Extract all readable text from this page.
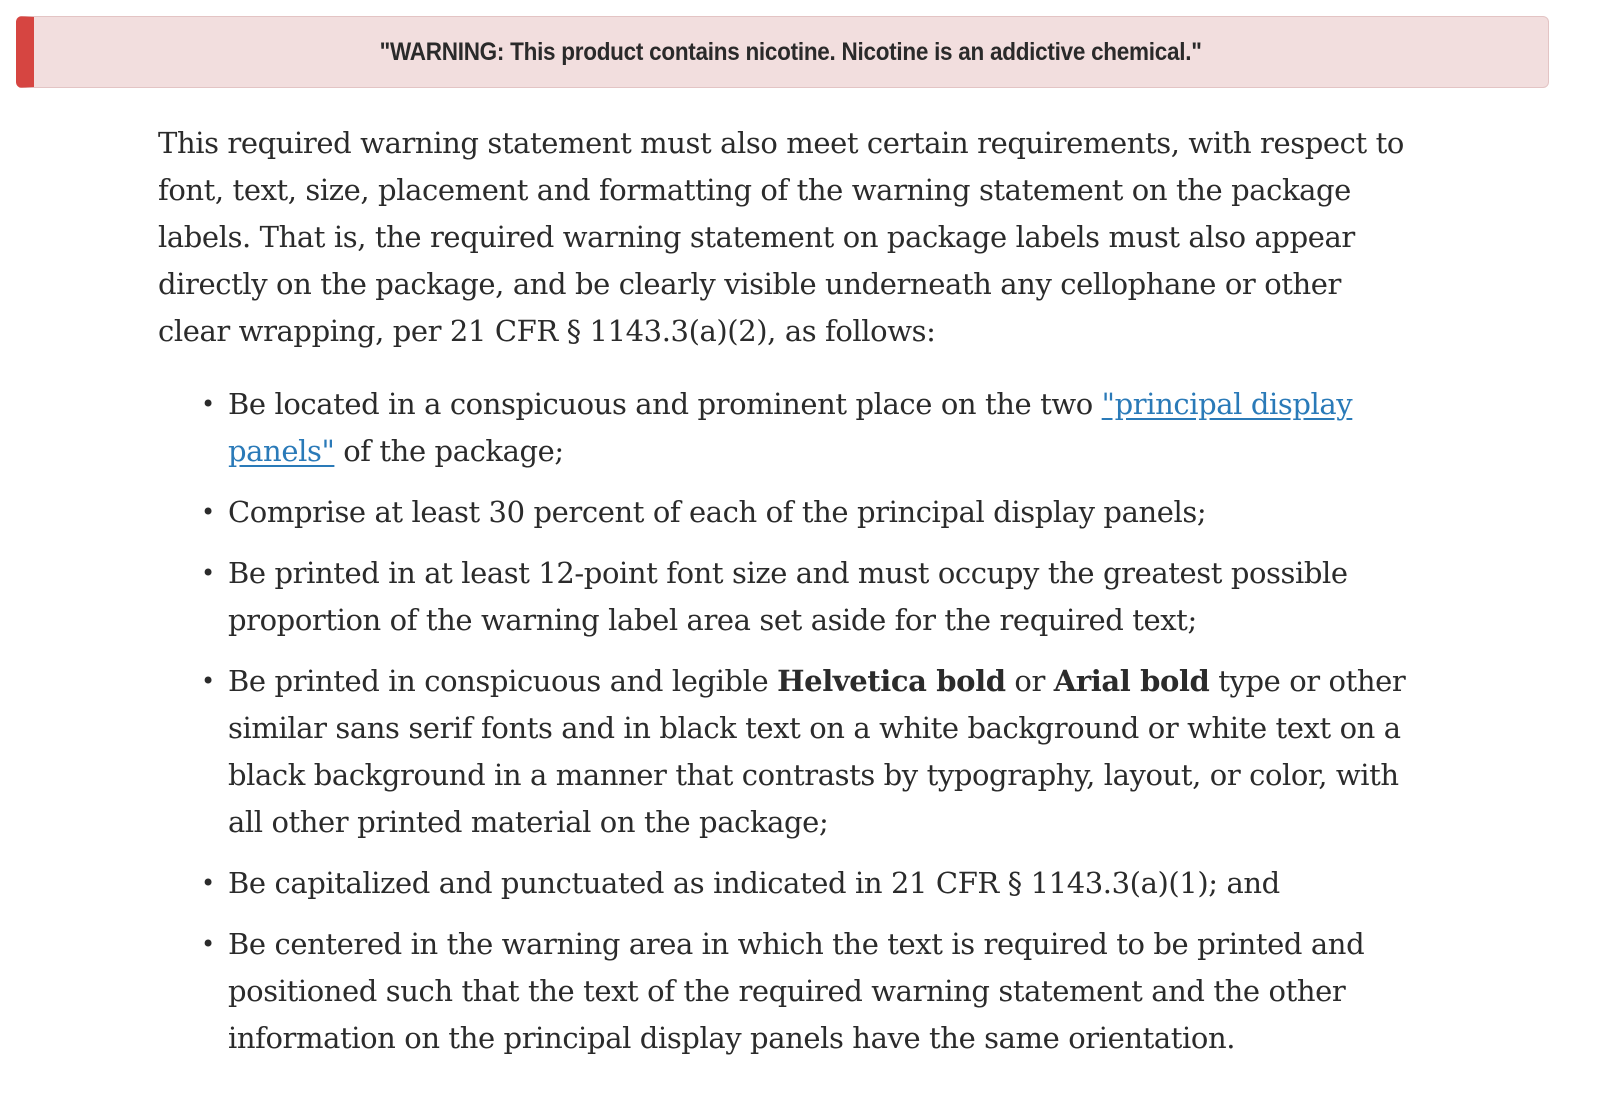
"WARNING: This product contains nicotine. Nicotine is an addictive chemical."

This required warning statement must also meet certain requirements, with respect to font, text, size, placement and formatting of the warning statement on the package labels. That is, the required warning statement on package labels must also appear directly on the package, and be clearly visible underneath any cellophane or other clear wrapping, per 21 CFR § 1143.3(a)(2), as follows:

• Be located in a conspicuous and prominent place on the two "principal display panels" of the package;
• Comprise at least 30 percent of each of the principal display panels;
• Be printed in at least 12-point font size and must occupy the greatest possible proportion of the warning label area set aside for the required text;
• Be printed in conspicuous and legible Helvetica bold or Arial bold type or other similar sans serif fonts and in black text on a white background or white text on a black background in a manner that contrasts by typography, layout, or color, with all other printed material on the package;
• Be capitalized and punctuated as indicated in 21 CFR § 1143.3(a)(1); and
• Be centered in the warning area in which the text is required to be printed and positioned such that the text of the required warning statement and the other information on the principal display panels have the same orientation.
